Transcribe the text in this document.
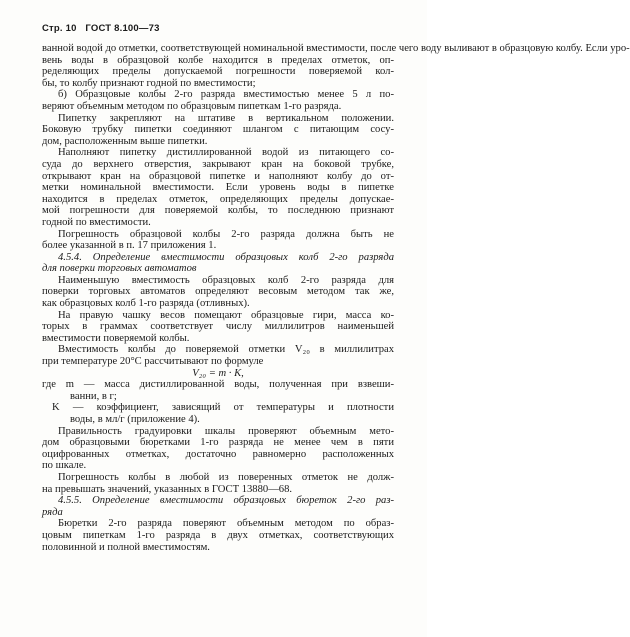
Стр. 10 ГОСТ 8.100—73
ванной водой до отметки, соответствующей номинальной вместимости, после чего воду выливают в образцовую колбу. Если уро-
вень воды в образцовой колбе находится в пределах отметок, оп-
ределяющих пределы допускаемой погрешности поверяемой кол-
бы, то колбу признают годной по вместимости;
б) Образцовые колбы 2-го разряда вместимостью менее 5 л по-
веряют объемным методом по образцовым пипеткам 1-го разряда.
Пипетку закрепляют на штативе в вертикальном положении.
Боковую трубку пипетки соединяют шлангом с питающим сосу-
дом, расположенным выше пипетки.
Наполняют пипетку дистиллированной водой из питающего со-
суда до верхнего отверстия, закрывают кран на боковой трубке,
открывают кран на образцовой пипетке и наполняют колбу до от-
метки номинальной вместимости. Если уровень воды в пипетке
находится в пределах отметок, определяющих пределы допускае-
мой погрешности для поверяемой колбы, то последнюю признают
годной по вместимости.
Погрешность образцовой колбы 2-го разряда должна быть не
более указанной в п. 17 приложения 1.
4.5.4. Определение вместимости образцовых колб 2-го разряда
для поверки торговых автоматов
Наименьшую вместимость образцовых колб 2-го разряда для
поверки торговых автоматов определяют весовым методом так же,
как образцовых колб 1-го разряда (отливных).
На правую чашку весов помещают образцовые гири, масса ко-
торых в граммах соответствует числу миллилитров наименьшей
вместимости поверяемой колбы.
Вместимость колбы до поверяемой отметки V₂₀ в миллилитрах
при температуре 20°С рассчитывают по формуле
V₂₀ = m · K,
где m — масса дистиллированной воды, полученная при взвеши-
ванни, в г;
K — коэффициент, зависящий от температуры и плотности
воды, в мл/г (приложение 4).
Правильность градуировки шкалы проверяют объемным мето-
дом образцовыми бюретками 1-го разряда не менее чем в пяти
оцифрованных отметках, достаточно равномерно расположенных
по шкале.
Погрешность колбы в любой из поверенных отметок не долж-
на превышать значений, указанных в ГОСТ 13880—68.
4.5.5. Определение вместимости образцовых бюреток 2-го раз-
ряда
Бюретки 2-го разряда поверяют объемным методом по образ-
цовым пипеткам 1-го разряда в двух отметках, соответствующих
половинной и полной вместимостям.
